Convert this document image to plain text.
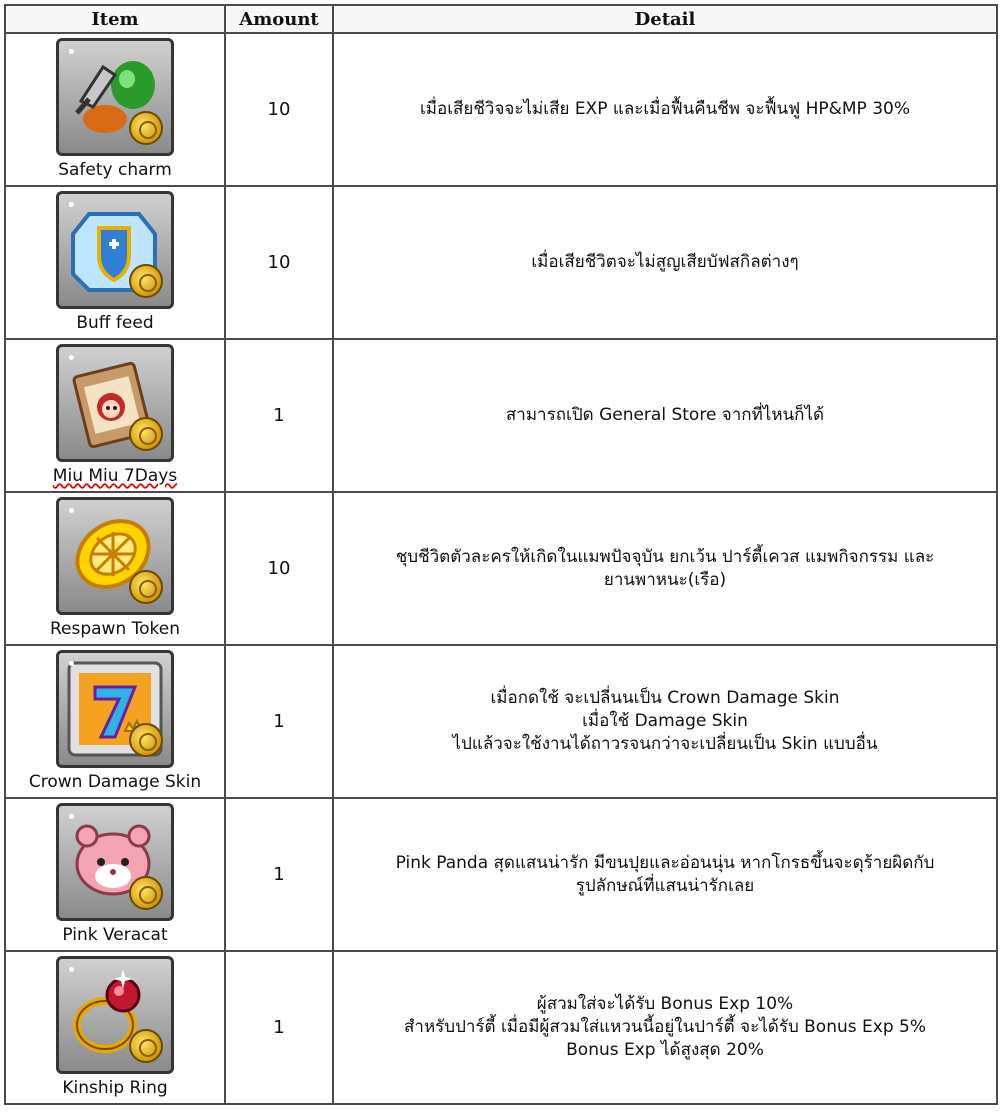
Item	Amount	Detail

Safety charm	10	เมื่อเสียชีวิจจะไม่เสีย EXP และเมื่อฟื้นคืนชีพ จะฟื้นฟู HP&MP 30%

Buff feed	10	เมื่อเสียชีวิตจะไม่สูญเสียบัฟสกิลต่างๆ

Miu Miu 7Days	1	สามารถเปิด General Store จากที่ไหนก็ได้

Respawn Token	10	ชุบชีวิตตัวละครให้เกิดในแมพปัจจุบัน ยกเว้น ปาร์ตี้เควส แมพกิจกรรม และ
ยานพาหนะ(เรือ)

Crown Damage Skin	1	เมื่อกดใช้ จะเปลี่นนเป็น Crown Damage Skin
เมื่อใช้ Damage Skin
ไปแล้วจะใช้งานได้ถาวรจนกว่าจะเปลี่ยนเป็น Skin แบบอื่น

Pink Veracat	1	Pink Panda สุดแสนน่ารัก มีขนปุยและอ่อนนุ่น หากโกรธขึ้นจะดุร้ายผิดกับ
รูปลักษณ์ที่แสนน่ารักเลย

Kinship Ring	1	ผู้สวมใส่จะได้รับ Bonus Exp 10%
สำหรับปาร์ตี้ เมื่อมีผู้สวมใส่แหวนนี้อยู่ในปาร์ตี้ จะได้รับ Bonus Exp 5%
Bonus Exp ได้สูงสุด 20%
